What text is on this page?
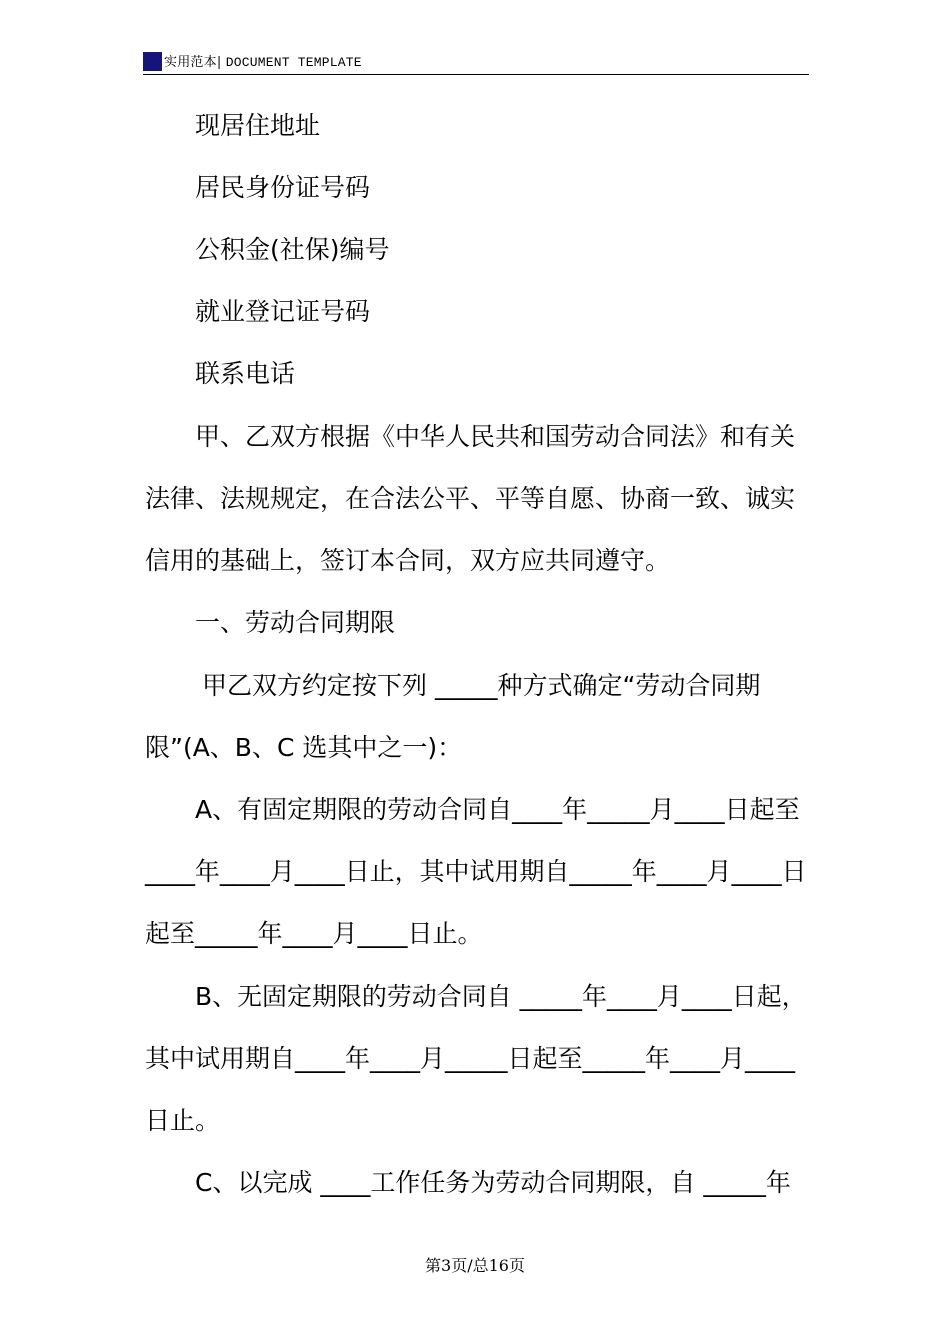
实用范本| DOCUMENT TEMPLATE
现居住地址
居民身份证号码
公积金(社保)编号
就业登记证号码
联系电话
甲、乙双方根据《中华人民共和国劳动合同法》和有关
法律、法规规定，在合法公平、平等自愿、协商一致、诚实
信用的基础上，签订本合同，双方应共同遵守。
一、劳动合同期限
甲乙双方约定按下列 _____种方式确定“劳动合同期
限”(A、B、C 选其中之一)：
A、有固定期限的劳动合同自____年_____月____日起至
____年____月____日止，其中试用期自_____年____月____日
起至_____年____月____日止。
B、无固定期限的劳动合同自 _____年____月____日起，
其中试用期自____年____月_____日起至_____年____月____
日止。
C、以完成 ____工作任务为劳动合同期限，自 _____年
第3页/总16页
